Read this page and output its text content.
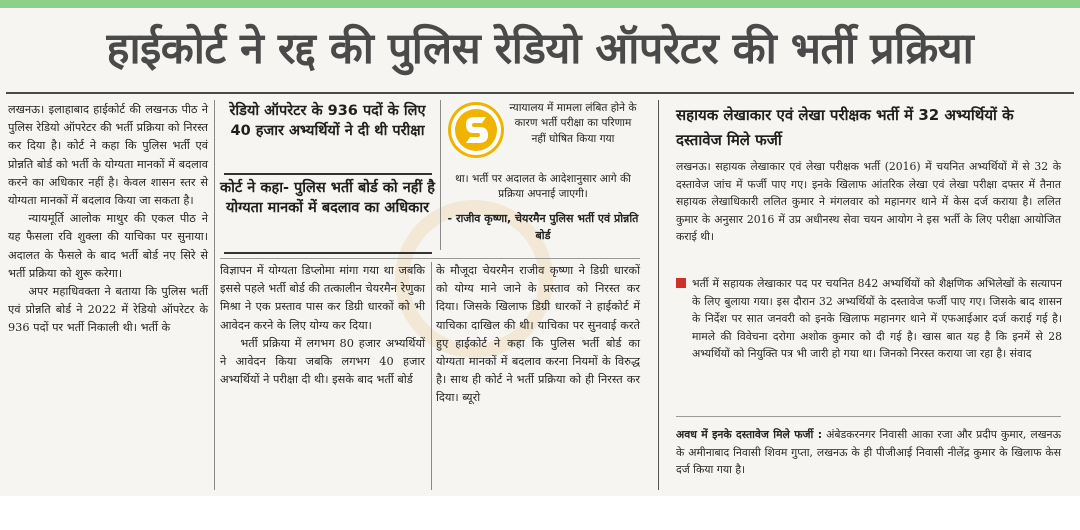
हाईकोर्ट ने रद्द की पुलिस रेडियो ऑपरेटर की भर्ती प्रक्रिया

लखनऊ। इलाहाबाद हाईकोर्ट की लखनऊ पीठ ने पुलिस रेडियो ऑपरेटर की भर्ती प्रक्रिया को निरस्त कर दिया है। कोर्ट ने कहा कि पुलिस भर्ती एवं प्रोन्नति बोर्ड को भर्ती के योग्यता मानकों में बदलाव करने का अधिकार नहीं है। केवल शासन स्तर से योग्यता मानकों में बदलाव किया जा सकता है।

न्यायमूर्ति आलोक माथुर की एकल पीठ ने यह फैसला रवि शुक्ला की याचिका पर सुनाया। अदालत के फैसले के बाद भर्ती बोर्ड नए सिरे से भर्ती प्रक्रिया को शुरू करेगा।

अपर महाधिवक्ता ने बताया कि पुलिस भर्ती एवं प्रोन्नति बोर्ड ने 2022 में रेडियो ऑपरेटर के 936 पदों पर भर्ती निकाली थी। भर्ती के

रेडियो ऑपरेटर के 936 पदों के लिए 40 हजार अभ्यर्थियों ने दी थी परीक्षा
कोर्ट ने कहा- पुलिस भर्ती बोर्ड को नहीं है योग्यता मानकों में बदलाव का अधिकार
न्यायालय में मामला लंबित होने के कारण भर्ती परीक्षा का परिणाम नहीं घोषित किया गया
था। भर्ती पर अदालत के आदेशानुसार आगे की प्रक्रिया अपनाई जाएगी।
- राजीव कृष्णा, चेयरमैन पुलिस भर्ती एवं प्रोन्नति बोर्ड

विज्ञापन में योग्यता डिप्लोमा मांगा गया था जबकि इससे पहले भर्ती बोर्ड की तत्कालीन चेयरमैन रेणुका मिश्रा ने एक प्रस्ताव पास कर डिग्री धारकों को भी आवेदन करने के लिए योग्य कर दिया।

भर्ती प्रक्रिया में लगभग 80 हजार अभ्यर्थियों ने आवेदन किया जबकि लगभग 40 हजार अभ्यर्थियों ने परीक्षा दी थी। इसके बाद भर्ती बोर्ड

के मौजूदा चेयरमैन राजीव कृष्णा ने डिग्री धारकों को योग्य माने जाने के प्रस्ताव को निरस्त कर दिया। जिसके खिलाफ डिग्री धारकों ने हाईकोर्ट में याचिका दाखिल की थी। याचिका पर सुनवाई करते हुए हाईकोर्ट ने कहा कि पुलिस भर्ती बोर्ड का योग्यता मानकों में बदलाव करना नियमों के विरुद्ध है। साथ ही कोर्ट ने भर्ती प्रक्रिया को ही निरस्त कर दिया। ब्यूरो

सहायक लेखाकार एवं लेखा परीक्षक भर्ती में 32 अभ्यर्थियों के दस्तावेज मिले फर्जी
लखनऊ। सहायक लेखाकार एवं लेखा परीक्षक भर्ती (2016) में चयनित अभ्यर्थियों में से 32 के दस्तावेज जांच में फर्जी पाए गए। इनके खिलाफ आंतरिक लेखा एवं लेखा परीक्षा दफ्तर में तैनात सहायक लेखाधिकारी ललित कुमार ने मंगलवार को महानगर थाने में केस दर्ज कराया है। ललित कुमार के अनुसार 2016 में उप्र अधीनस्थ सेवा चयन आयोग ने इस भर्ती के लिए परीक्षा आयोजित कराई थी।
भर्ती में सहायक लेखाकार पद पर चयनित 842 अभ्यर्थियों को शैक्षणिक अभिलेखों के सत्यापन के लिए बुलाया गया। इस दौरान 32 अभ्यर्थियों के दस्तावेज फर्जी पाए गए। जिसके बाद शासन के निर्देश पर सात जनवरी को इनके खिलाफ महानगर थाने में एफआईआर दर्ज कराई गई है। मामले की विवेचना दरोगा अशोक कुमार को दी गई है। खास बात यह है कि इनमें से 28 अभ्यर्थियों को नियुक्ति पत्र भी जारी हो गया था। जिनको निरस्त कराया जा रहा है। संवाद
अवध में इनके दस्तावेज मिले फर्जी : अंबेडकरनगर निवासी आका रजा और प्रदीप कुमार, लखनऊ के अमीनाबाद निवासी शिवम गुप्ता, लखनऊ के ही पीजीआई निवासी नीलेंद्र कुमार के खिलाफ केस दर्ज किया गया है।
